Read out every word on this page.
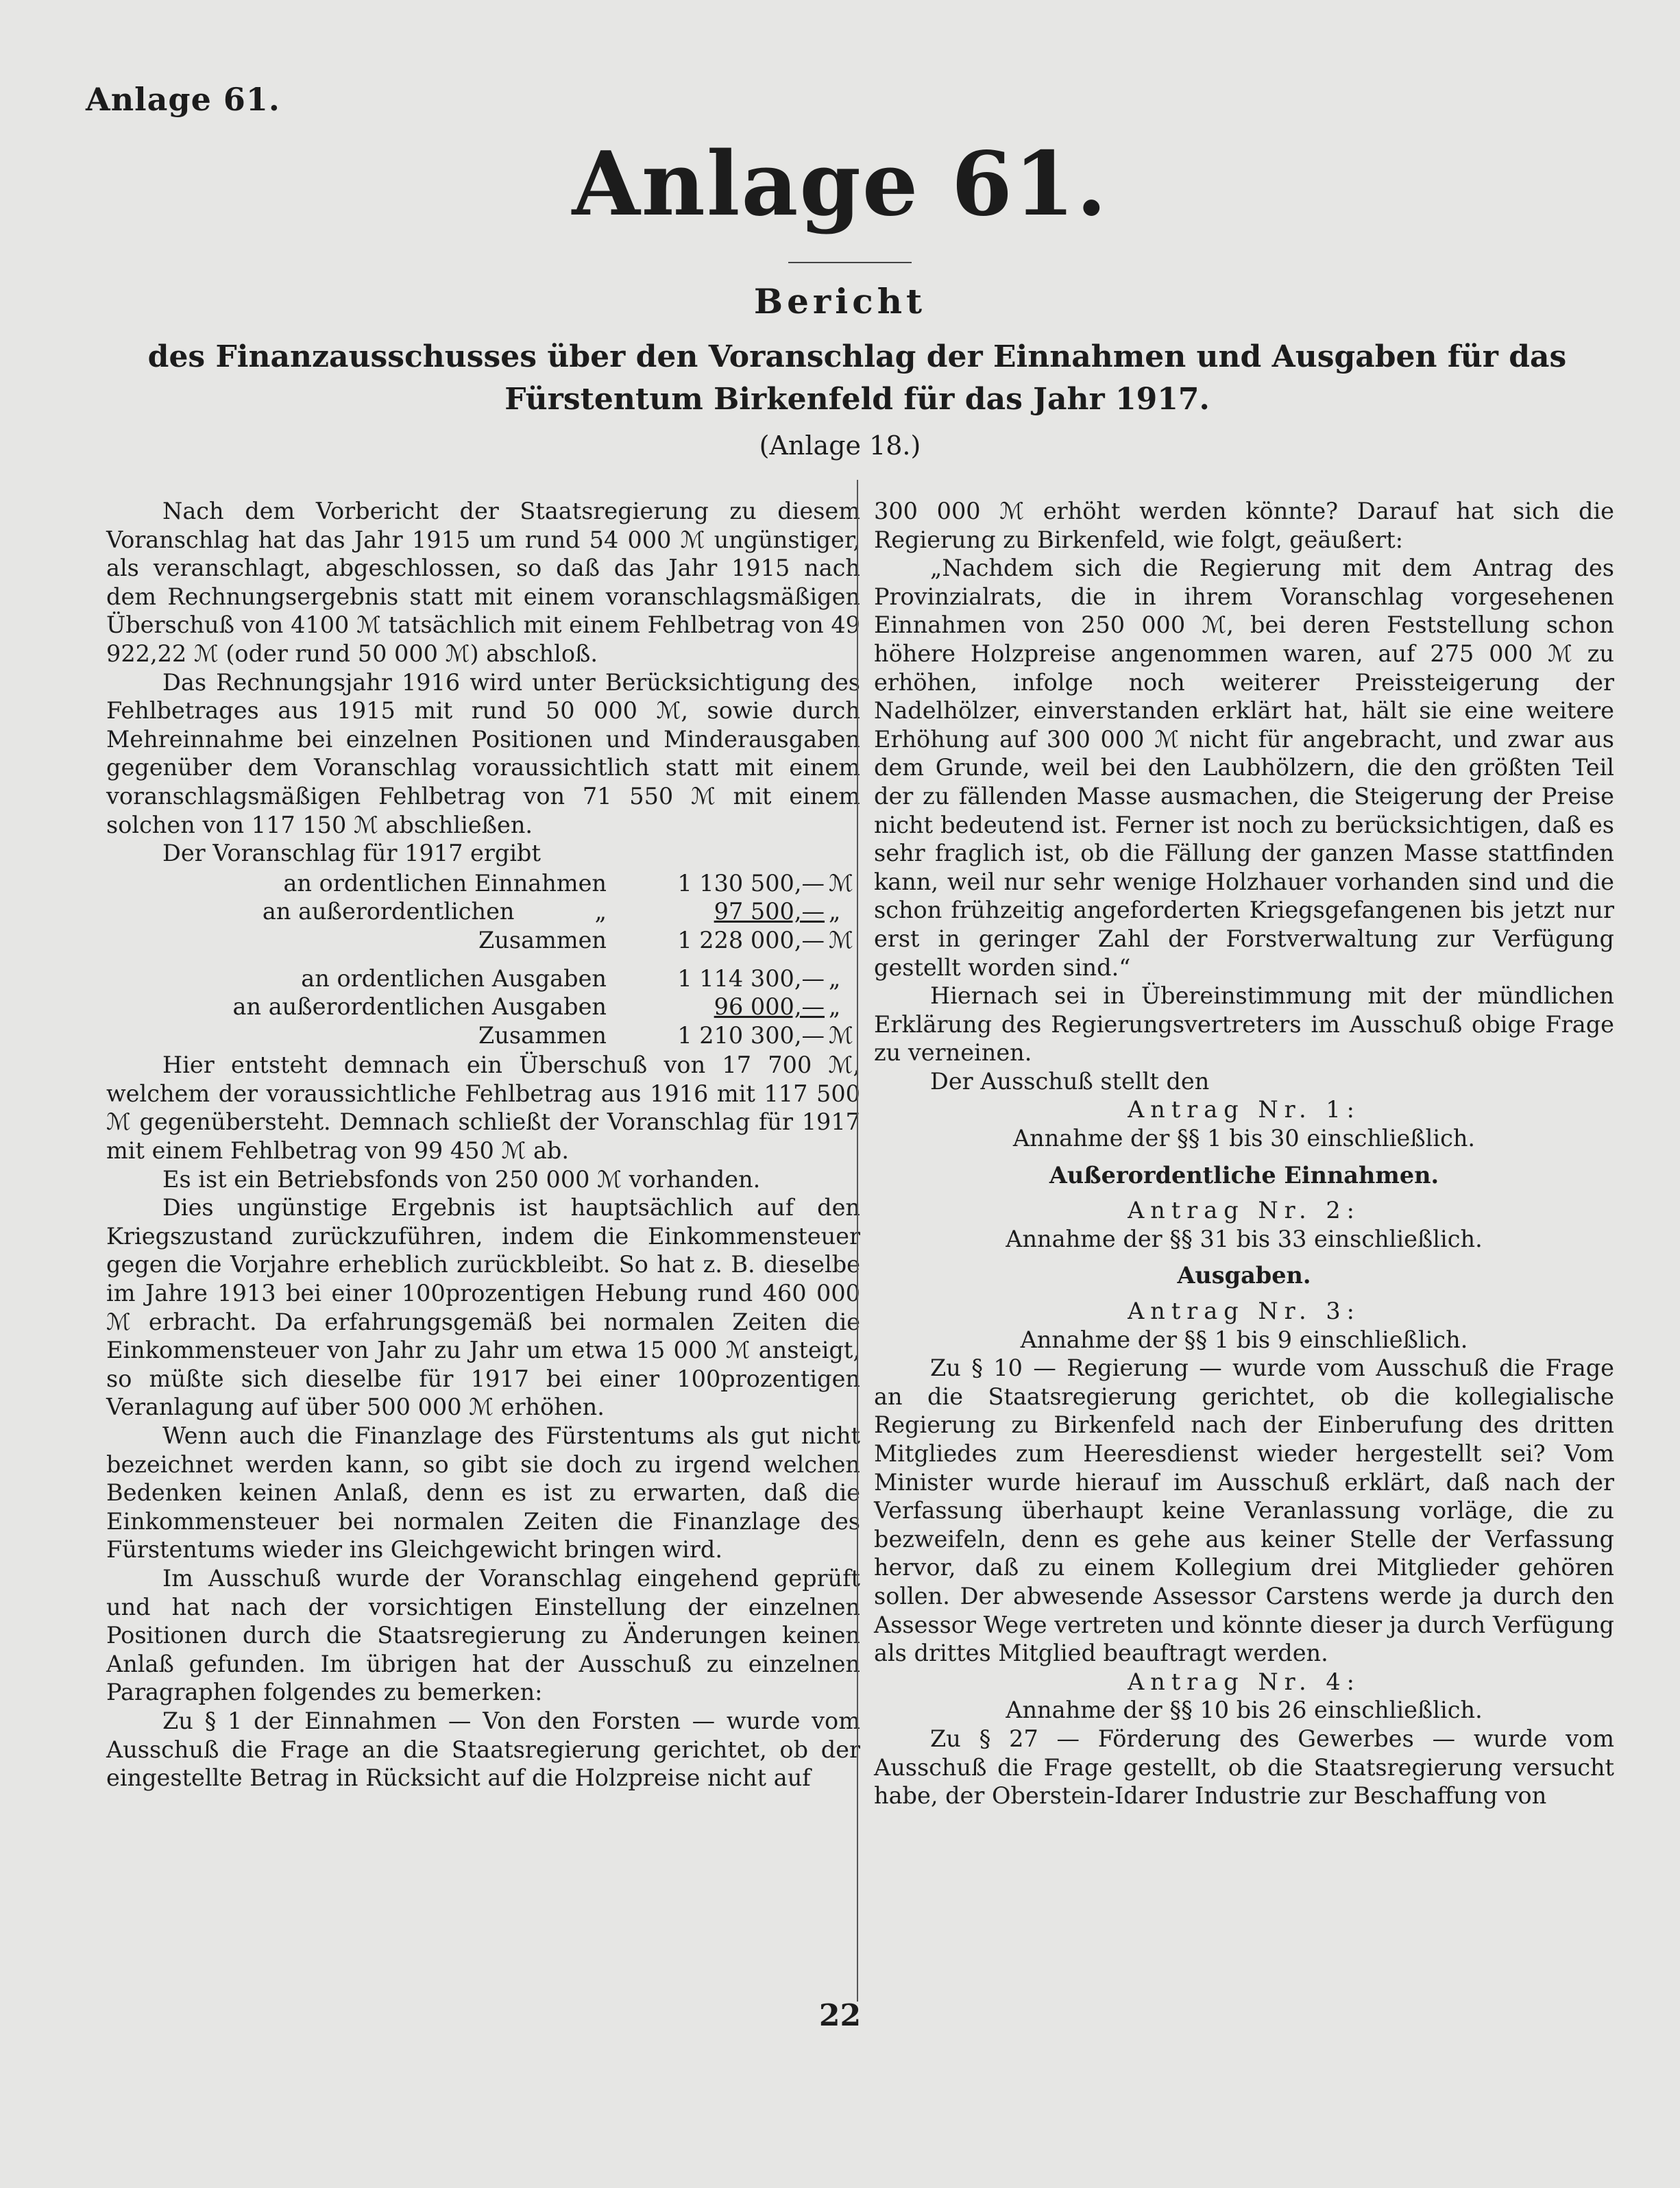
Anlage 61.
Anlage 61.
Bericht
des Finanzausschusses über den Voranschlag der Einnahmen und Ausgaben für das Fürstentum Birkenfeld für das Jahr 1917.
(Anlage 18.)

Nach dem Vorbericht der Staatsregierung zu diesem Voranschlag hat das Jahr 1915 um rund 54 000 ℳ ungünstiger, als veranschlagt, abgeschlossen, so daß das Jahr 1915 nach dem Rechnungsergebnis statt mit einem voranschlagsmäßigen Überschuß von 4100 ℳ tatsächlich mit einem Fehlbetrag von 49 922,22 ℳ (oder rund 50 000 ℳ) abschloß.

Das Rechnungsjahr 1916 wird unter Berücksichtigung des Fehlbetrages aus 1915 mit rund 50 000 ℳ, sowie durch Mehreinnahme bei einzelnen Positionen und Minderausgaben gegenüber dem Voranschlag voraussichtlich statt mit einem voranschlagsmäßigen Fehlbetrag von 71 550 ℳ mit einem solchen von 117 150 ℳ abschließen.

Der Voranschlag für 1917 ergibt

an ordentlichen Einnahmen	1 130 500,— ℳ
an außerordentlichen	„	97 500,— „
Zusammen	1 228 000,— ℳ
an ordentlichen Ausgaben	1 114 300,— „
an außerordentlichen Ausgaben	96 000,— „
Zusammen	1 210 300,— ℳ

Hier entsteht demnach ein Überschuß von 17 700 ℳ, welchem der voraussichtliche Fehlbetrag aus 1916 mit 117 500 ℳ gegenübersteht. Demnach schließt der Voranschlag für 1917 mit einem Fehlbetrag von 99 450 ℳ ab.

Es ist ein Betriebsfonds von 250 000 ℳ vorhanden.

Dies ungünstige Ergebnis ist hauptsächlich auf den Kriegszustand zurückzuführen, indem die Einkommensteuer gegen die Vorjahre erheblich zurückbleibt. So hat z. B. dieselbe im Jahre 1913 bei einer 100prozentigen Hebung rund 460 000 ℳ erbracht. Da erfahrungsgemäß bei normalen Zeiten die Einkommensteuer von Jahr zu Jahr um etwa 15 000 ℳ ansteigt, so müßte sich dieselbe für 1917 bei einer 100prozentigen Veranlagung auf über 500 000 ℳ erhöhen.

Wenn auch die Finanzlage des Fürstentums als gut nicht bezeichnet werden kann, so gibt sie doch zu irgend welchen Bedenken keinen Anlaß, denn es ist zu erwarten, daß die Einkommensteuer bei normalen Zeiten die Finanzlage des Fürstentums wieder ins Gleichgewicht bringen wird.

Im Ausschuß wurde der Voranschlag eingehend geprüft und hat nach der vorsichtigen Einstellung der einzelnen Positionen durch die Staatsregierung zu Änderungen keinen Anlaß gefunden. Im übrigen hat der Ausschuß zu einzelnen Paragraphen folgendes zu bemerken:

Zu § 1 der Einnahmen — Von den Forsten — wurde vom Ausschuß die Frage an die Staatsregierung gerichtet, ob der eingestellte Betrag in Rücksicht auf die Holzpreise nicht auf

300 000 ℳ erhöht werden könnte? Darauf hat sich die Regierung zu Birkenfeld, wie folgt, geäußert:

„Nachdem sich die Regierung mit dem Antrag des Provinzialrats, die in ihrem Voranschlag vorgesehenen Einnahmen von 250 000 ℳ, bei deren Feststellung schon höhere Holzpreise angenommen waren, auf 275 000 ℳ zu erhöhen, infolge noch weiterer Preissteigerung der Nadelhölzer, einverstanden erklärt hat, hält sie eine weitere Erhöhung auf 300 000 ℳ nicht für angebracht, und zwar aus dem Grunde, weil bei den Laubhölzern, die den größten Teil der zu fällenden Masse ausmachen, die Steigerung der Preise nicht bedeutend ist. Ferner ist noch zu berücksichtigen, daß es sehr fraglich ist, ob die Fällung der ganzen Masse stattfinden kann, weil nur sehr wenige Holzhauer vorhanden sind und die schon frühzeitig angeforderten Kriegsgefangenen bis jetzt nur erst in geringer Zahl der Forstverwaltung zur Verfügung gestellt worden sind.“

Hiernach sei in Übereinstimmung mit der mündlichen Erklärung des Regierungsvertreters im Ausschuß obige Frage zu verneinen.

Der Ausschuß stellt den

Antrag Nr. 1:

Annahme der §§ 1 bis 30 einschließlich.

Außerordentliche Einnahmen.

Antrag Nr. 2:

Annahme der §§ 31 bis 33 einschließlich.

Ausgaben.

Antrag Nr. 3:

Annahme der §§ 1 bis 9 einschließlich.

Zu § 10 — Regierung — wurde vom Ausschuß die Frage an die Staatsregierung gerichtet, ob die kollegialische Regierung zu Birkenfeld nach der Einberufung des dritten Mitgliedes zum Heeresdienst wieder hergestellt sei? Vom Minister wurde hierauf im Ausschuß erklärt, daß nach der Verfassung überhaupt keine Veranlassung vorläge, die zu bezweifeln, denn es gehe aus keiner Stelle der Verfassung hervor, daß zu einem Kollegium drei Mitglieder gehören sollen. Der abwesende Assessor Carstens werde ja durch den Assessor Wege vertreten und könnte dieser ja durch Verfügung als drittes Mitglied beauftragt werden.

Antrag Nr. 4:

Annahme der §§ 10 bis 26 einschließlich.

Zu § 27 — Förderung des Gewerbes — wurde vom Ausschuß die Frage gestellt, ob die Staatsregierung versucht habe, der Oberstein-Idarer Industrie zur Beschaffung von

22
